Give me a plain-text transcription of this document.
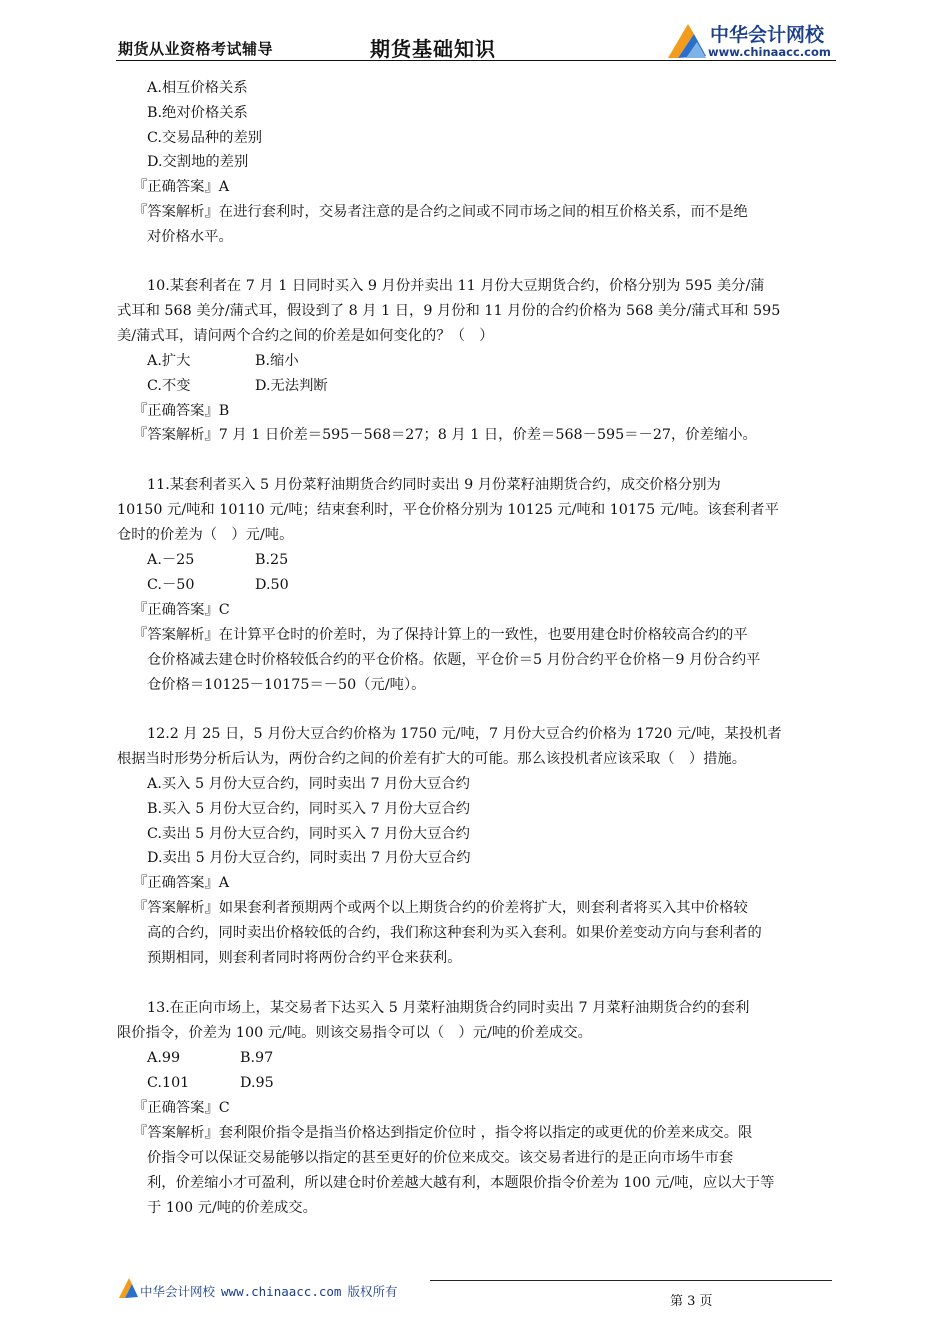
期货从业资格考试辅导	期货基础知识
中华会计网校
www.chinaacc.com
A.相互价格关系
B.绝对价格关系
C.交易品种的差别
D.交割地的差别
『正确答案』A
『答案解析』在进行套利时，交易者注意的是合约之间或不同市场之间的相互价格关系，而不是绝
对价格水平。
10.某套利者在 7 月 1 日同时买入 9 月份并卖出 11 月份大豆期货合约，价格分别为 595 美分/蒲
式耳和 568 美分/蒲式耳，假设到了 8 月 1 日，9 月份和 11 月份的合约价格为 568 美分/蒲式耳和 595
美/蒲式耳，请问两个合约之间的价差是如何变化的？（　）
A.扩大	B.缩小
C.不变	D.无法判断
『正确答案』B
『答案解析』7 月 1 日价差＝595－568＝27；8 月 1 日，价差＝568－595＝－27，价差缩小。
11.某套利者买入 5 月份菜籽油期货合约同时卖出 9 月份菜籽油期货合约，成交价格分别为
10150 元/吨和 10110 元/吨；结束套利时，平仓价格分别为 10125 元/吨和 10175 元/吨。该套利者平
仓时的价差为（　）元/吨。
A.－25	B.25
C.－50	D.50
『正确答案』C
『答案解析』在计算平仓时的价差时，为了保持计算上的一致性，也要用建仓时价格较高合约的平
仓价格减去建仓时价格较低合约的平仓价格。依题，平仓价＝5 月份合约平仓价格－9 月份合约平
仓价格＝10125－10175＝－50（元/吨）。
12.2 月 25 日，5 月份大豆合约价格为 1750 元/吨，7 月份大豆合约价格为 1720 元/吨，某投机者
根据当时形势分析后认为，两份合约之间的价差有扩大的可能。那么该投机者应该采取（　）措施。
A.买入 5 月份大豆合约，同时卖出 7 月份大豆合约
B.买入 5 月份大豆合约，同时买入 7 月份大豆合约
C.卖出 5 月份大豆合约，同时买入 7 月份大豆合约
D.卖出 5 月份大豆合约，同时卖出 7 月份大豆合约
『正确答案』A
『答案解析』如果套利者预期两个或两个以上期货合约的价差将扩大，则套利者将买入其中价格较
高的合约，同时卖出价格较低的合约，我们称这种套利为买入套利。如果价差变动方向与套利者的
预期相同，则套利者同时将两份合约平仓来获利。
13.在正向市场上，某交易者下达买入 5 月菜籽油期货合约同时卖出 7 月菜籽油期货合约的套利
限价指令，价差为 100 元/吨。则该交易指令可以（　）元/吨的价差成交。
A.99	B.97
C.101	D.95
『正确答案』C
『答案解析』套利限价指令是指当价格达到指定价位时 ，指令将以指定的或更优的价差来成交。限
价指令可以保证交易能够以指定的甚至更好的价位来成交。该交易者进行的是正向市场牛市套
利，价差缩小才可盈利，所以建仓时价差越大越有利，本题限价指令价差为 100 元/吨，应以大于等
于 100 元/吨的价差成交。
中华会计网校 www.chinaacc.com 版权所有
第 3 页
